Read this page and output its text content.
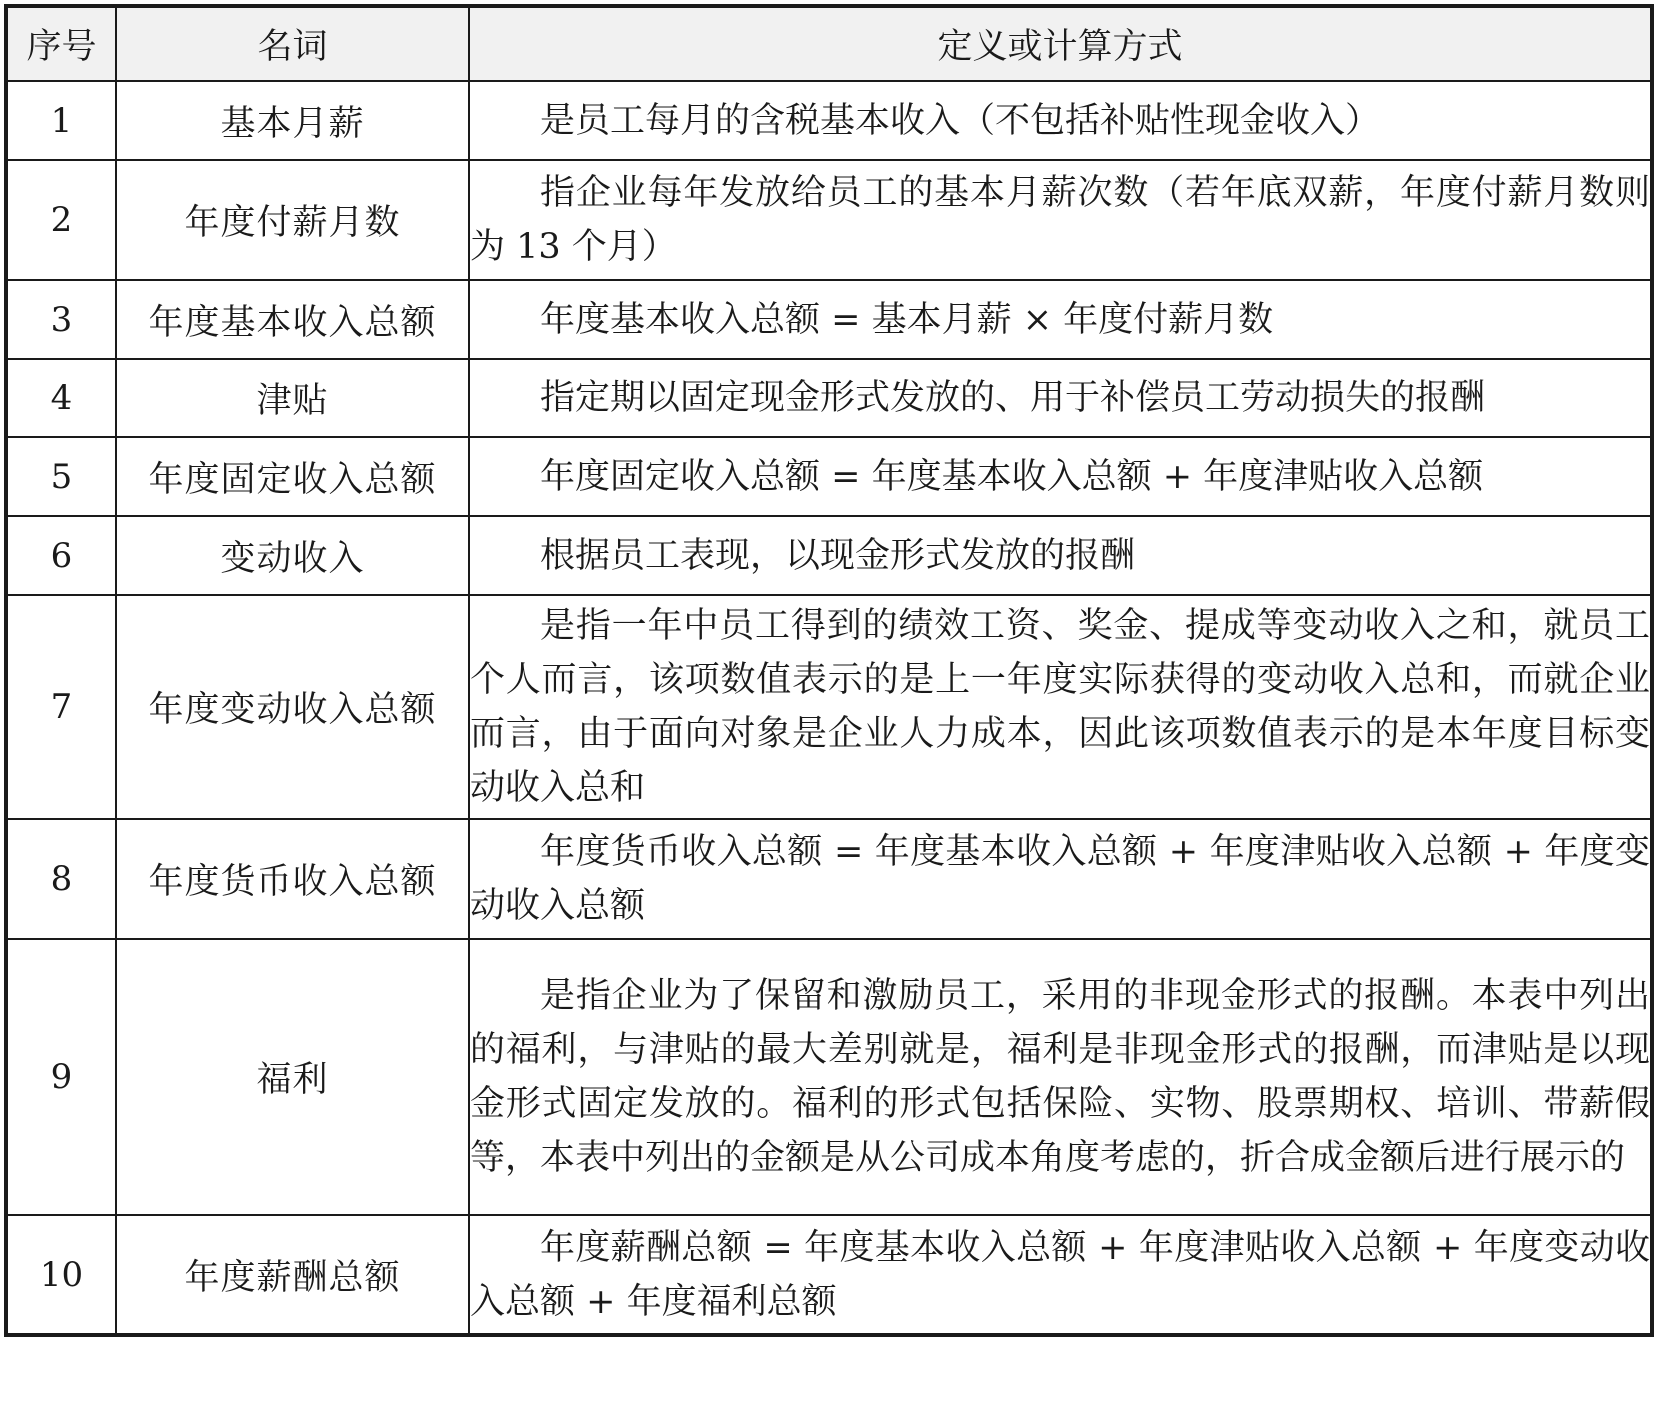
序号	名词	定义或计算方式
1	基本月薪	是员工每月的含税基本收入（不包括补贴性现金收入）

2	年度付薪月数	指企业每年发放给员工的基本月薪次数（若年底双薪，年度付薪月数则为 13 个月）

3	年度基本收入总额	年度基本收入总额 = 基本月薪 × 年度付薪月数

4	津贴	指定期以固定现金形式发放的、用于补偿员工劳动损失的报酬

5	年度固定收入总额	年度固定收入总额 = 年度基本收入总额 + 年度津贴收入总额

6	变动收入	根据员工表现，以现金形式发放的报酬

7	年度变动收入总额	是指一年中员工得到的绩效工资、奖金、提成等变动收入之和，就员工个人而言，该项数值表示的是上一年度实际获得的变动收入总和，而就企业而言，由于面向对象是企业人力成本，因此该项数值表示的是本年度目标变动收入总和

8	年度货币收入总额	年度货币收入总额 = 年度基本收入总额 + 年度津贴收入总额 + 年度变动收入总额

9	福利	是指企业为了保留和激励员工，采用的非现金形式的报酬。本表中列出的福利，与津贴的最大差别就是，福利是非现金形式的报酬，而津贴是以现金形式固定发放的。福利的形式包括保险、实物、股票期权、培训、带薪假等，本表中列出的金额是从公司成本角度考虑的，折合成金额后进行展示的

10	年度薪酬总额	年度薪酬总额 = 年度基本收入总额 + 年度津贴收入总额 + 年度变动收入总额 + 年度福利总额
